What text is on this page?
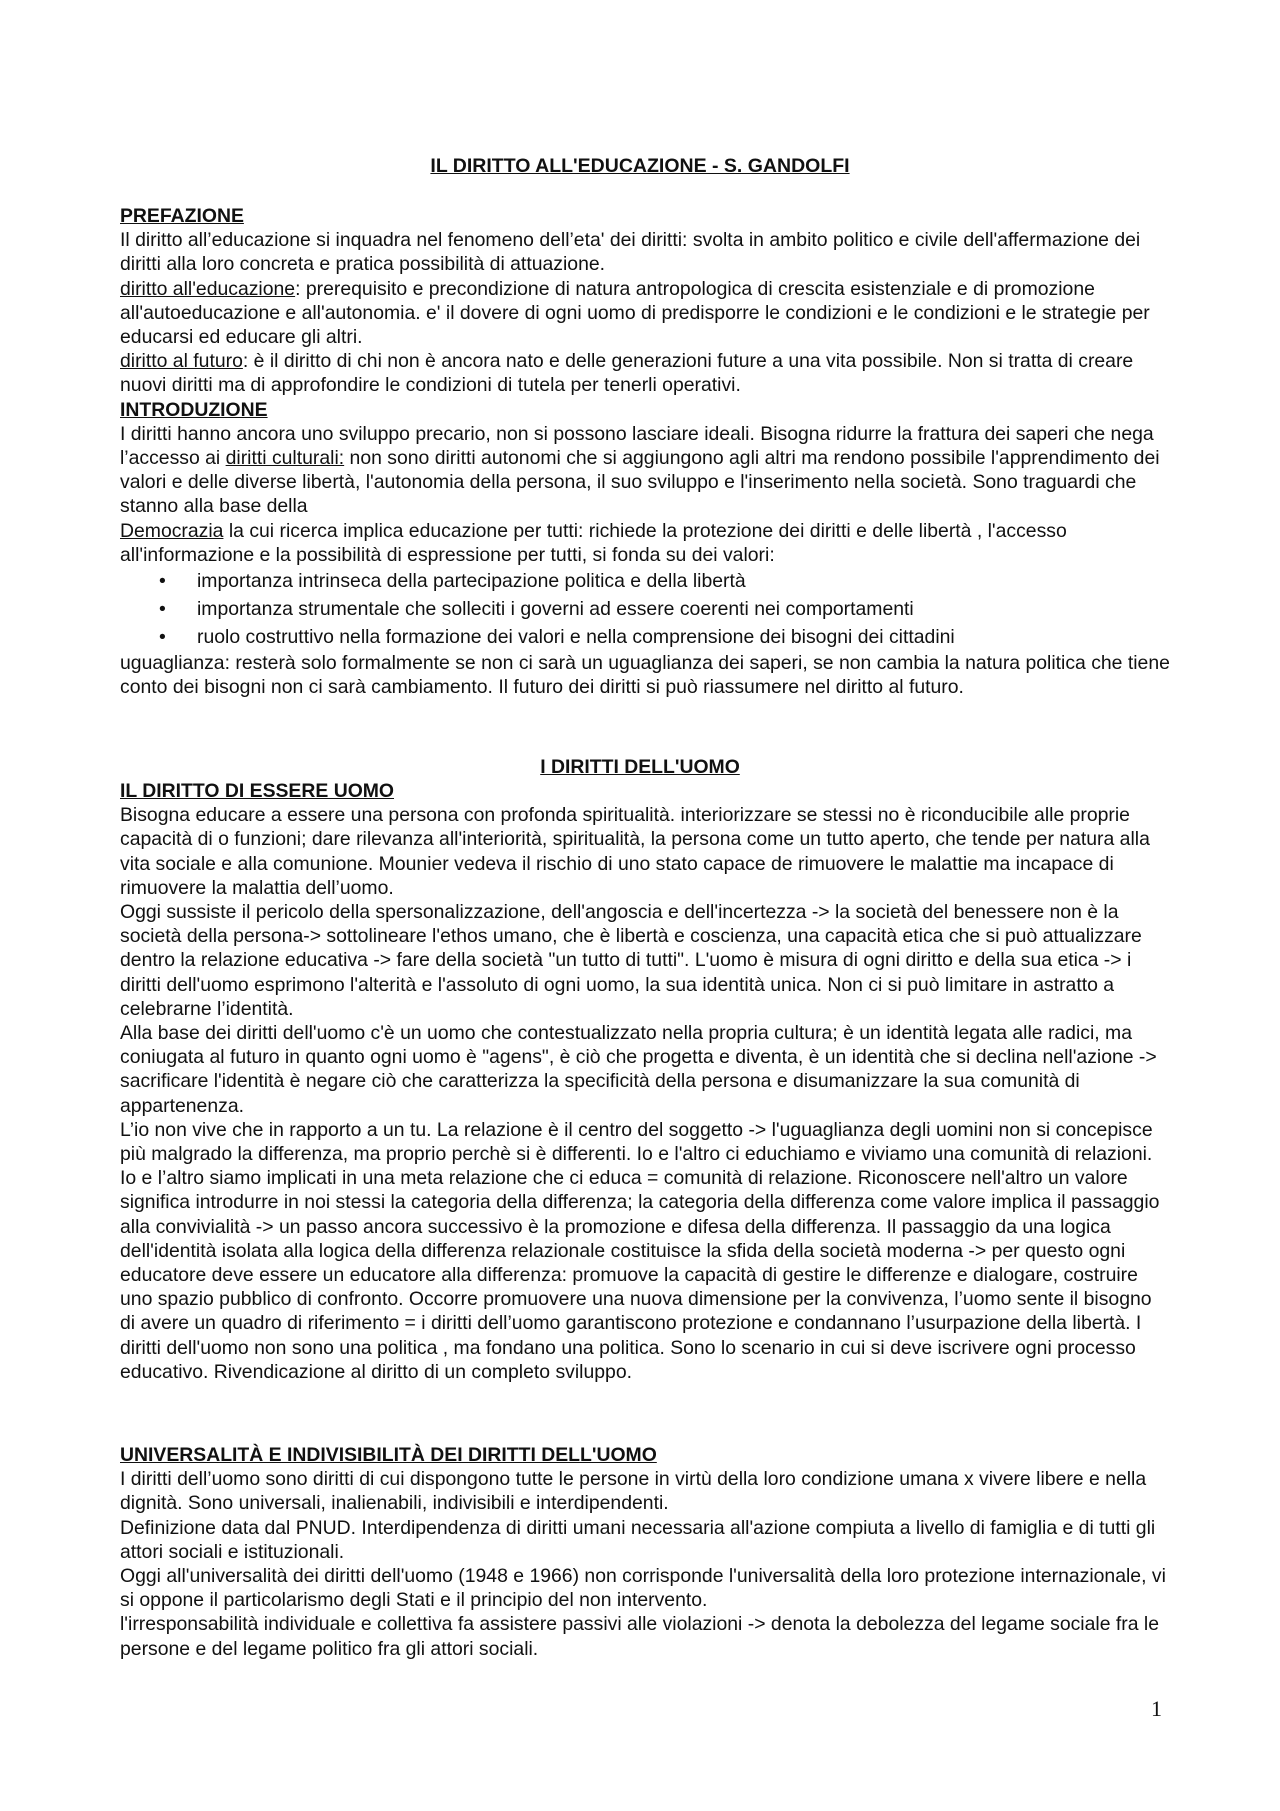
IL DIRITTO ALL'EDUCAZIONE - S. GANDOLFI

PREFAZIONE

Il diritto all’educazione si inquadra nel fenomeno dell’eta' dei diritti: svolta in ambito politico e civile dell'affermazione dei diritti alla loro concreta e pratica possibilità di attuazione.

diritto all'educazione: prerequisito e precondizione di natura antropologica di crescita esistenziale e di promozione all'autoeducazione e all'autonomia. e' il dovere di ogni uomo di predisporre le condizioni e le condizioni e le strategie per educarsi ed educare gli altri.

diritto al futuro: è il diritto di chi non è ancora nato e delle generazioni future a una vita possibile. Non si tratta di creare nuovi diritti ma di approfondire le condizioni di tutela per tenerli operativi.

INTRODUZIONE

I diritti hanno ancora uno sviluppo precario, non si possono lasciare ideali. Bisogna ridurre la frattura dei saperi che nega l’accesso ai diritti culturali: non sono diritti autonomi che si aggiungono agli altri ma rendono possibile l'apprendimento dei valori e delle diverse libertà, l'autonomia della persona, il suo sviluppo e l'inserimento nella società. Sono traguardi che stanno alla base della

Democrazia la cui ricerca implica educazione per tutti: richiede la protezione dei diritti e delle libertà , l'accesso all'informazione e la possibilità di espressione per tutti, si fonda su dei valori:

• importanza intrinseca della partecipazione politica e della libertà
• importanza strumentale che solleciti i governi ad essere coerenti nei comportamenti
• ruolo costruttivo nella formazione dei valori e nella comprensione dei bisogni dei cittadini

uguaglianza: resterà solo formalmente se non ci sarà un uguaglianza dei saperi, se non cambia la natura politica che tiene conto dei bisogni non ci sarà cambiamento. Il futuro dei diritti si può riassumere nel diritto al futuro.

I DIRITTI DELL'UOMO

IL DIRITTO DI ESSERE UOMO

Bisogna educare a essere una persona con profonda spiritualità. interiorizzare se stessi no è riconducibile alle proprie capacità di o funzioni; dare rilevanza all'interiorità, spiritualità, la persona come un tutto aperto, che tende per natura alla vita sociale e alla comunione. Mounier vedeva il rischio di uno stato capace de rimuovere le malattie ma incapace di rimuovere la malattia dell’uomo.

Oggi sussiste il pericolo della spersonalizzazione, dell'angoscia e dell'incertezza -> la società del benessere non è la società della persona-> sottolineare l'ethos umano, che è libertà e coscienza, una capacità etica che si può attualizzare dentro la relazione educativa -> fare della società "un tutto di tutti". L'uomo è misura di ogni diritto e della sua etica -> i diritti dell'uomo esprimono l'alterità e l'assoluto di ogni uomo, la sua identità unica. Non ci si può limitare in astratto a celebrarne l’identità.

Alla base dei diritti dell'uomo c'è un uomo che contestualizzato nella propria cultura; è un identità legata alle radici, ma coniugata al futuro in quanto ogni uomo è "agens", è ciò che progetta e diventa, è un identità che si declina nell'azione -> sacrificare l'identità è negare ciò che caratterizza la specificità della persona e disumanizzare la sua comunità di appartenenza.

L’io non vive che in rapporto a un tu. La relazione è il centro del soggetto -> l'uguaglianza degli uomini non si concepisce più malgrado la differenza, ma proprio perchè si è differenti. Io e l'altro ci educhiamo e viviamo una comunità di relazioni. Io e l’altro siamo implicati in una meta relazione che ci educa = comunità di relazione. Riconoscere nell'altro un valore significa introdurre in noi stessi la categoria della differenza; la categoria della differenza come valore implica il passaggio alla convivialità -> un passo ancora successivo è la promozione e difesa della differenza. Il passaggio da una logica dell'identità isolata alla logica della differenza relazionale costituisce la sfida della società moderna -> per questo ogni educatore deve essere un educatore alla differenza: promuove la capacità di gestire le differenze e dialogare, costruire uno spazio pubblico di confronto. Occorre promuovere una nuova dimensione per la convivenza, l’uomo sente il bisogno di avere un quadro di riferimento = i diritti dell’uomo garantiscono protezione e condannano l’usurpazione della libertà. I diritti dell'uomo non sono una politica , ma fondano una politica. Sono lo scenario in cui si deve iscrivere ogni processo educativo. Rivendicazione al diritto di un completo sviluppo.

UNIVERSALITÀ E INDIVISIBILITÀ DEI DIRITTI DELL'UOMO

I diritti dell’uomo sono diritti di cui dispongono tutte le persone in virtù della loro condizione umana x vivere libere e nella dignità. Sono universali, inalienabili, indivisibili e interdipendenti.

Definizione data dal PNUD. Interdipendenza di diritti umani necessaria all'azione compiuta a livello di famiglia e di tutti gli attori sociali e istituzionali.

Oggi all'universalità dei diritti dell'uomo (1948 e 1966) non corrisponde l'universalità della loro protezione internazionale, vi si oppone il particolarismo degli Stati e il principio del non intervento.

l'irresponsabilità individuale e collettiva fa assistere passivi alle violazioni -> denota la debolezza del legame sociale fra le persone e del legame politico fra gli attori sociali.

1
